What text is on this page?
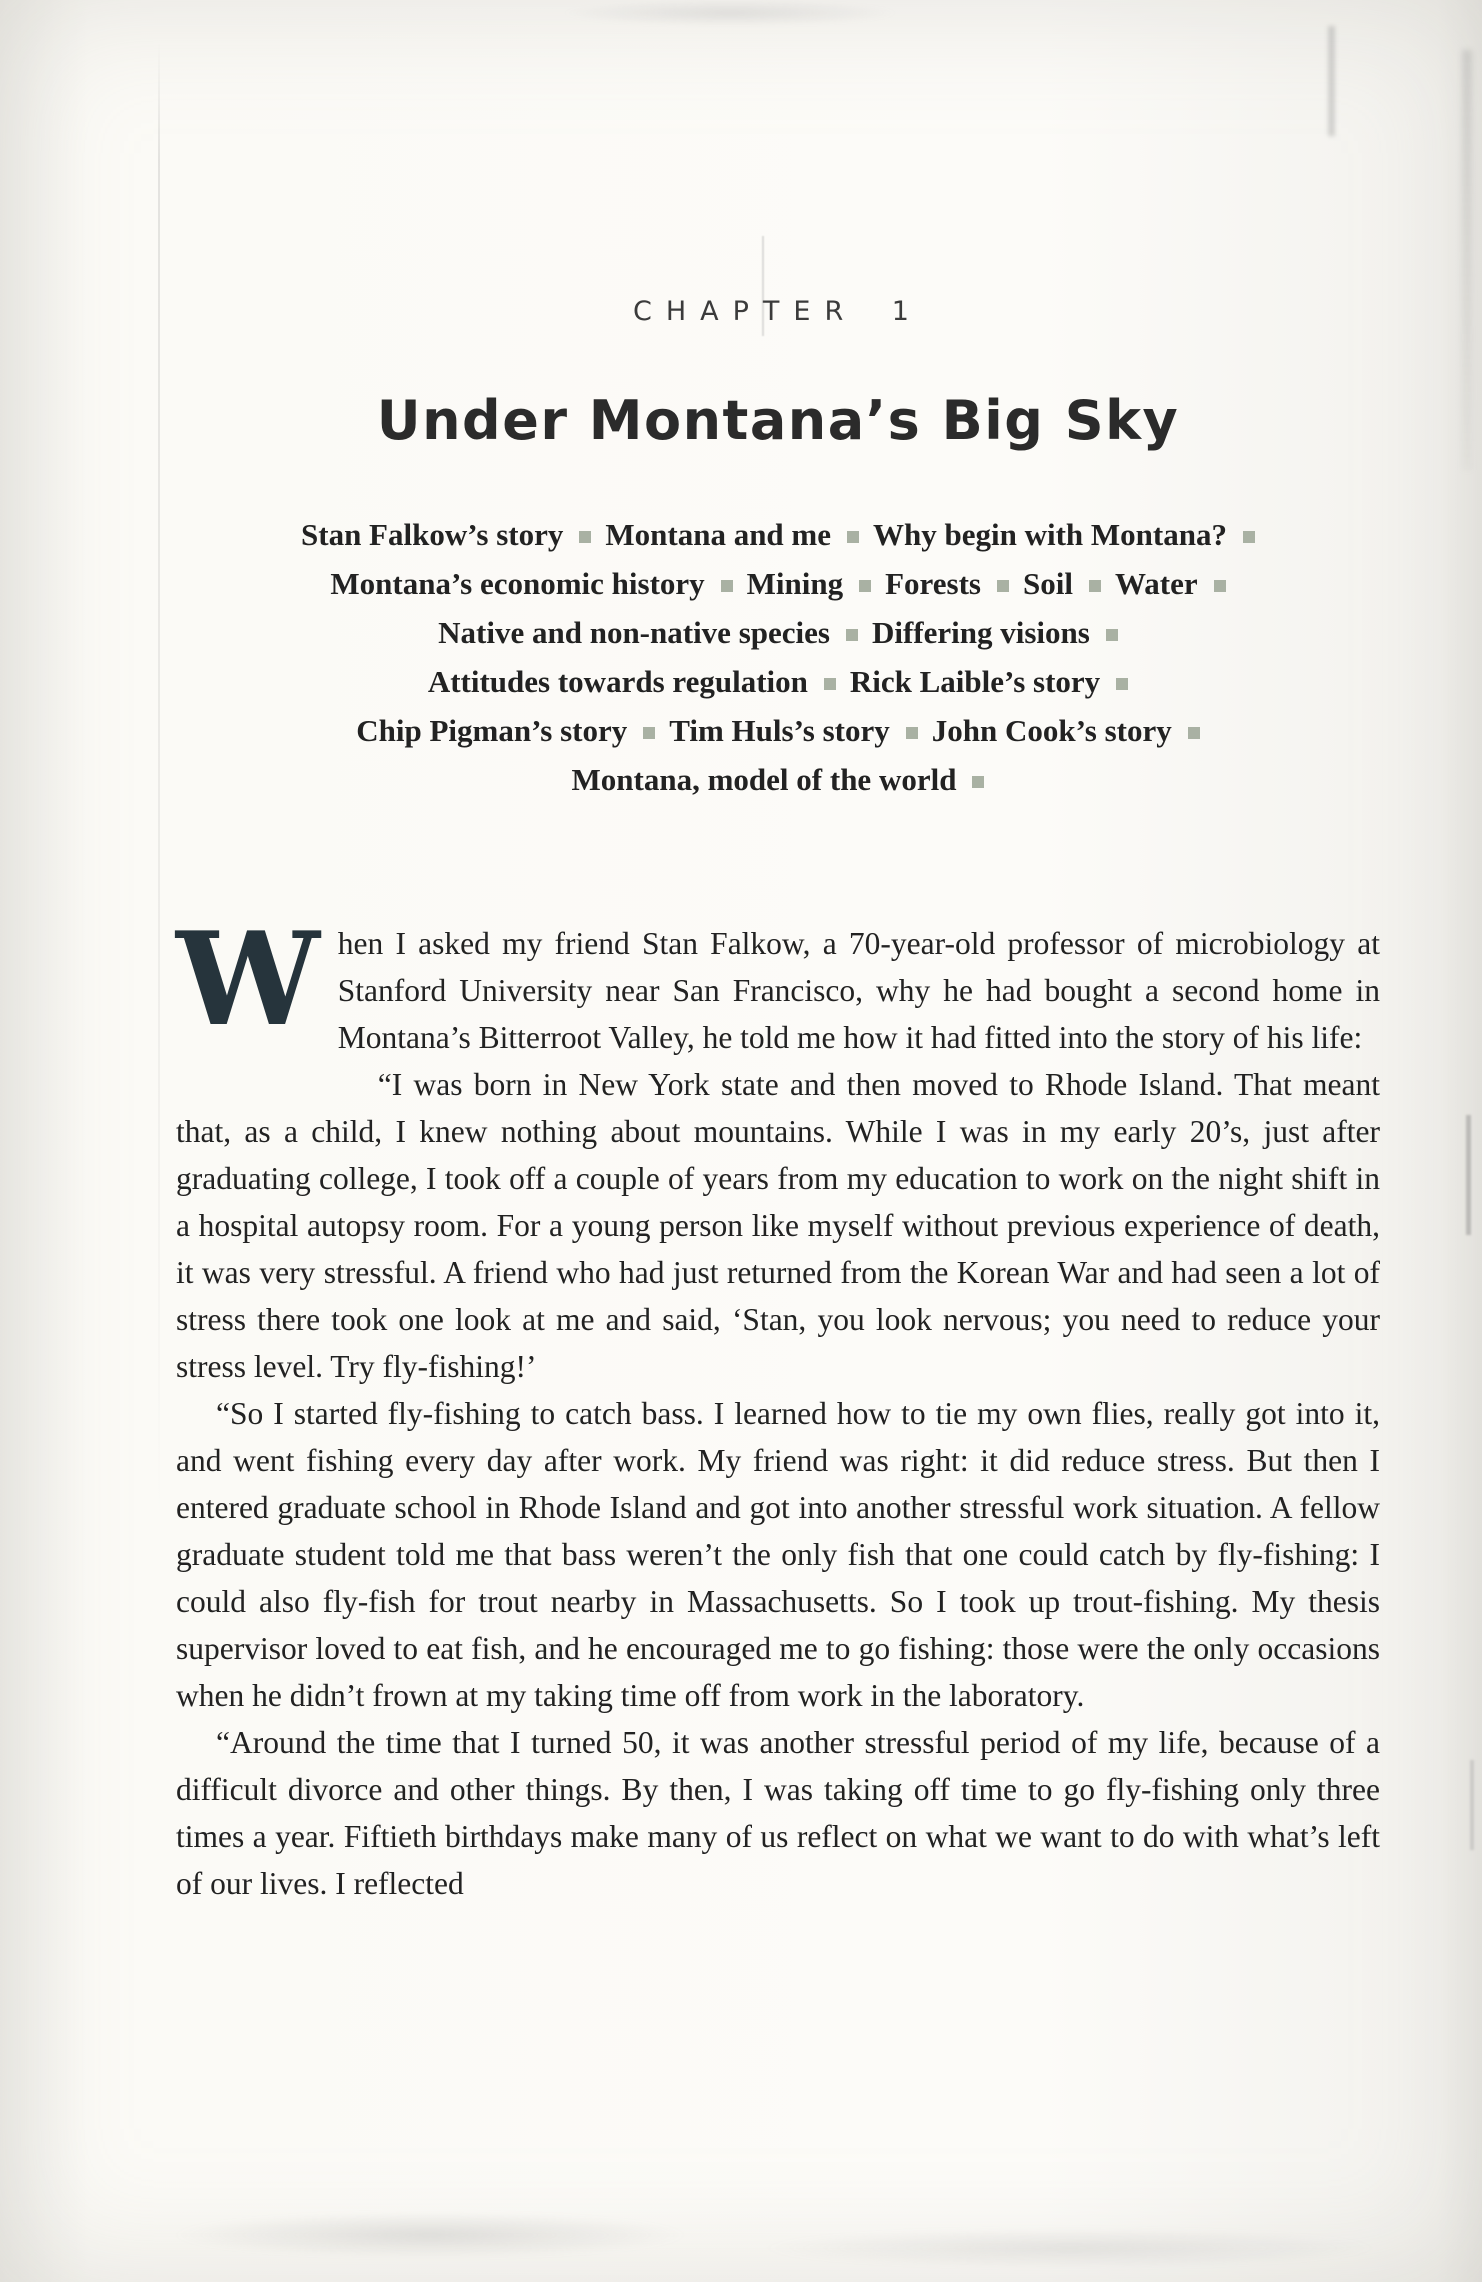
CHAPTER 1
Under Montana’s Big Sky
Stan Falkow’s story Montana and me Why begin with Montana?
Montana’s economic history Mining Forests Soil Water
Native and non-native species Differing visions
Attitudes towards regulation Rick Laible’s story
Chip Pigman’s story Tim Huls’s story John Cook’s story
Montana, model of the world

When I asked my friend Stan Falkow, a 70-year-old professor of microbiology at Stanford University near San Francisco, why he had bought a second home in Montana’s Bitterroot Valley, he told me how it had fitted into the story of his life:

“I was born in New York state and then moved to Rhode Island. That meant that, as a child, I knew nothing about mountains. While I was in my early 20’s, just after graduating college, I took off a couple of years from my education to work on the night shift in a hospital autopsy room. For a young person like myself without previous experience of death, it was very stressful. A friend who had just returned from the Korean War and had seen a lot of stress there took one look at me and said, ‘Stan, you look nervous; you need to reduce your stress level. Try fly-fishing!’

“So I started fly-fishing to catch bass. I learned how to tie my own flies, really got into it, and went fishing every day after work. My friend was right: it did reduce stress. But then I entered graduate school in Rhode Island and got into another stressful work situation. A fellow graduate student told me that bass weren’t the only fish that one could catch by fly-fishing: I could also fly-fish for trout nearby in Massachusetts. So I took up trout-fishing. My thesis supervisor loved to eat fish, and he encouraged me to go fishing: those were the only occasions when he didn’t frown at my taking time off from work in the laboratory.

“Around the time that I turned 50, it was another stressful period of my life, because of a difficult divorce and other things. By then, I was taking off time to go fly-fishing only three times a year. Fiftieth birthdays make many of us reflect on what we want to do with what’s left of our lives. I reflected
